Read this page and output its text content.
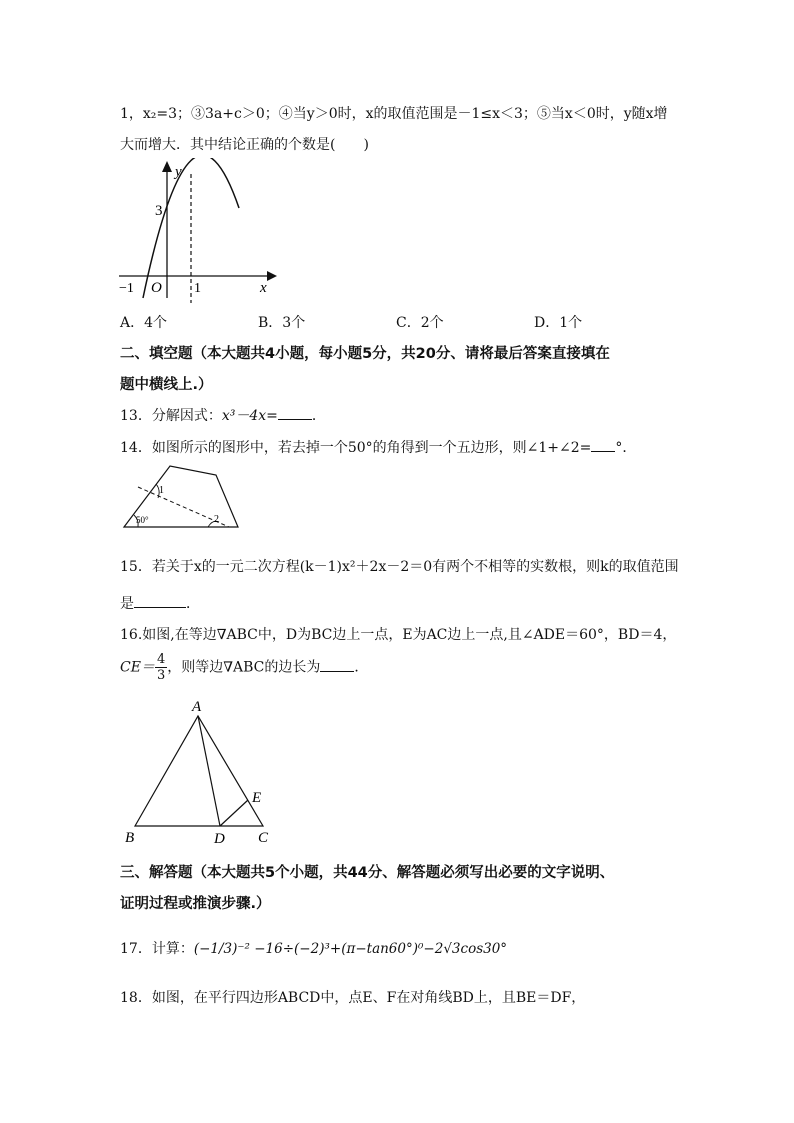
1，x₂=3；③3a+c＞0；④当y＞0时，x的取值范围是－1≤x＜3；⑤当x＜0时，y随x增
大而增大．其中结论正确的个数是(　　)
y
3
−1 O 1	x
A．4个	B．3个	C．2个	D．1个
二、填空题（本大题共4小题，每小题5分，共20分、请将最后答案直接填在
题中横线上.）
13．分解因式：x³－4x= ．
14．如图所示的图形中，若去掉一个50°的角得到一个五边形，则∠1+∠2= °．
1
2
50°
15．若关于x的一元二次方程(k－1)x²＋2x－2＝0有两个不相等的实数根，则k的取值范围
是	．
16.如图,在等边∇ABC中，D为BC边上一点，E为AC边上一点,且∠ADE＝60°，BD＝4，
$CE= \frac{4}{3}$ ，则等边∇ABC的边长为 ．
A
B	D C
E
三、解答题（本大题共5个小题，共44分、解答题必须写出必要的文字说明、
证明过程或推演步骤.）
17．计算：(−1/3)⁻² −16÷(−2)³+(π−tan60°)⁰−2√3cos30°
18．如图，在平行四边形ABCD中，点E、F在对角线BD上，且BE＝DF，
